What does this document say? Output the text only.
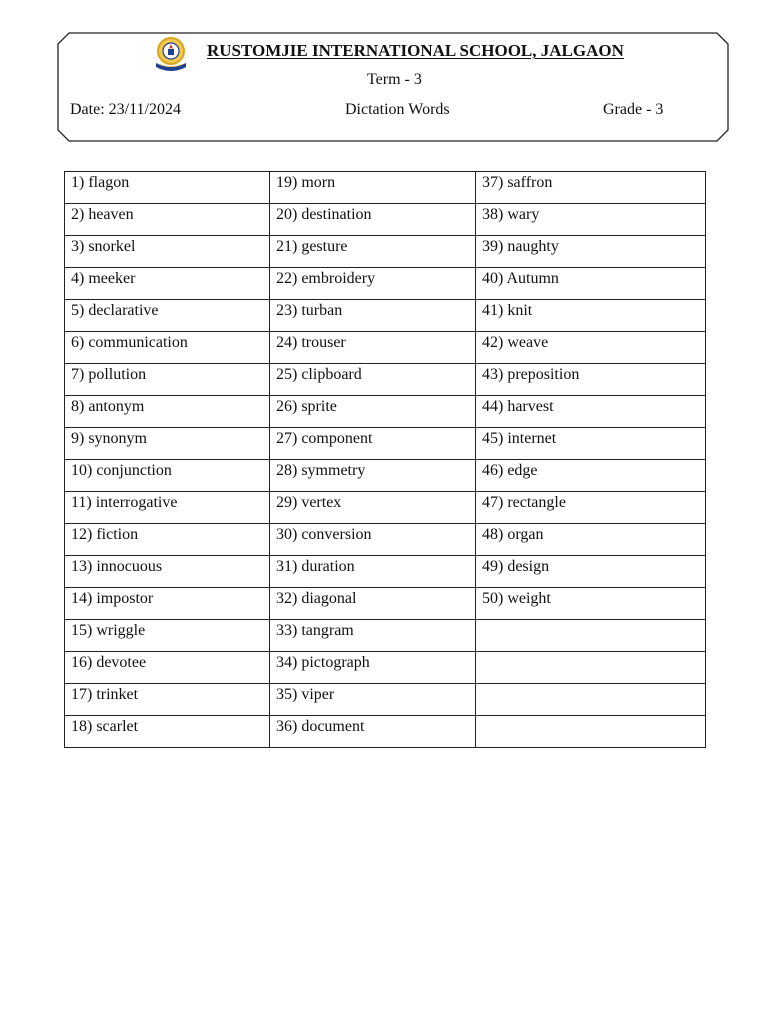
RUSTOMJIE INTERNATIONAL SCHOOL, JALGAON
Term - 3
Date: 23/11/2024	Dictation Words	Grade - 3
1) flagon	19) morn	37) saffron
2) heaven	20) destination	38) wary
3) snorkel	21) gesture	39) naughty
4) meeker	22) embroidery	40) Autumn
5) declarative	23) turban	41) knit
6) communication	24) trouser	42) weave
7) pollution	25) clipboard	43) preposition
8) antonym	26) sprite	44) harvest
9) synonym	27) component	45) internet
10) conjunction	28) symmetry	46) edge
11) interrogative	29) vertex	47) rectangle
12) fiction	30) conversion	48) organ
13) innocuous	31) duration	49) design
14) impostor	32) diagonal	50) weight
15) wriggle	33) tangram	
16) devotee	34) pictograph	
17) trinket	35) viper	
18) scarlet	36) document	
